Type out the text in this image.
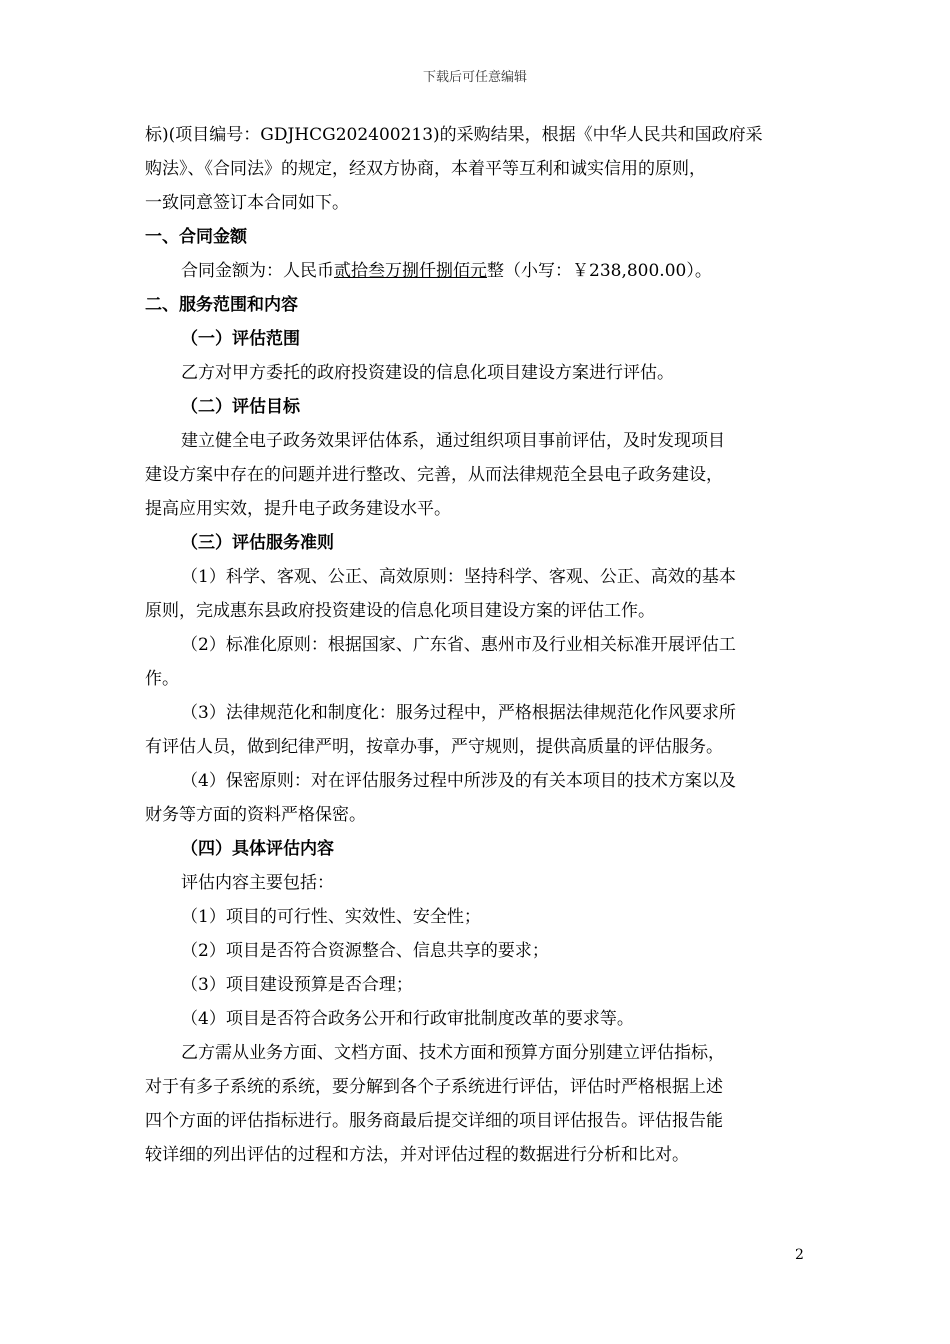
下载后可任意编辑
标)(项目编号：GDJHCG202400213)的采购结果，根据《中华人民共和国政府采
购法》、《合同法》的规定，经双方协商，本着平等互利和诚实信用的原则，
一致同意签订本合同如下。
一、合同金额
合同金额为：人民币贰拾叁万捌仟捌佰元整（小写：￥238,800.00）。
二、服务范围和内容
（一）评估范围
乙方对甲方委托的政府投资建设的信息化项目建设方案进行评估。
（二）评估目标
建立健全电子政务效果评估体系，通过组织项目事前评估，及时发现项目
建设方案中存在的问题并进行整改、完善，从而法律规范全县电子政务建设，
提高应用实效，提升电子政务建设水平。
（三）评估服务准则
（1）科学、客观、公正、高效原则：坚持科学、客观、公正、高效的基本
原则，完成惠东县政府投资建设的信息化项目建设方案的评估工作。
（2）标准化原则：根据国家、广东省、惠州市及行业相关标准开展评估工
作。
（3）法律规范化和制度化：服务过程中，严格根据法律规范化作风要求所
有评估人员，做到纪律严明，按章办事，严守规则，提供高质量的评估服务。
（4）保密原则：对在评估服务过程中所涉及的有关本项目的技术方案以及
财务等方面的资料严格保密。
（四）具体评估内容
评估内容主要包括：
（1）项目的可行性、实效性、安全性；
（2）项目是否符合资源整合、信息共享的要求；
（3）项目建设预算是否合理；
（4）项目是否符合政务公开和行政审批制度改革的要求等。
乙方需从业务方面、文档方面、技术方面和预算方面分别建立评估指标，
对于有多子系统的系统，要分解到各个子系统进行评估，评估时严格根据上述
四个方面的评估指标进行。服务商最后提交详细的项目评估报告。评估报告能
较详细的列出评估的过程和方法，并对评估过程的数据进行分析和比对。
2
